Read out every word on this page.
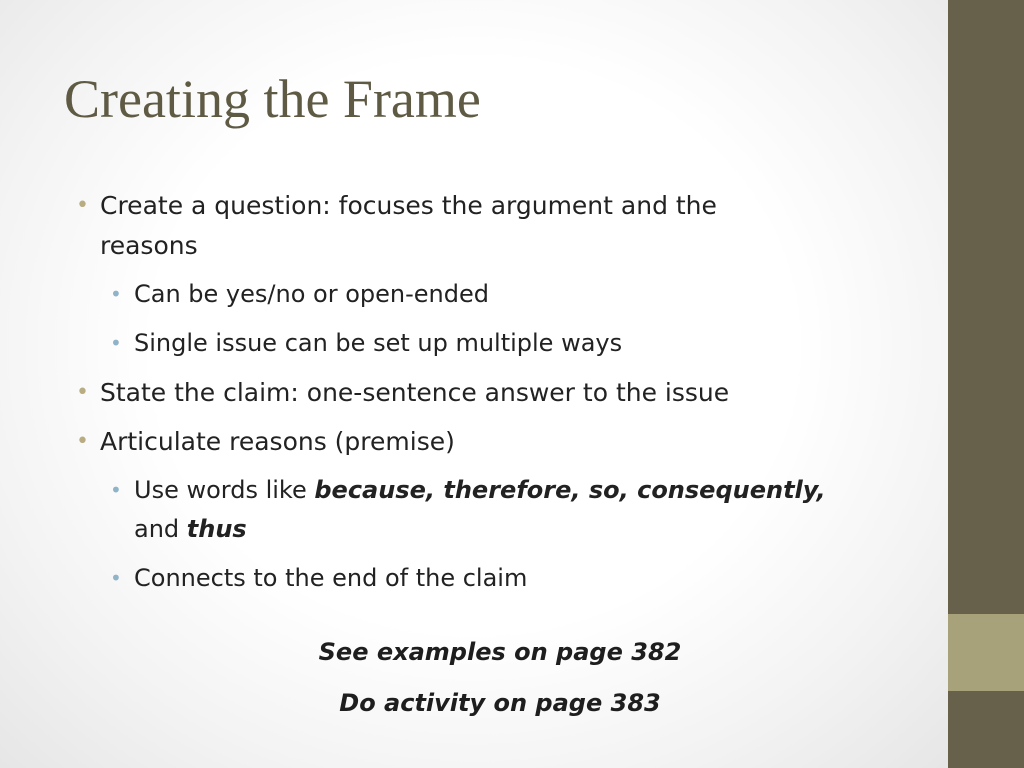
Creating the Frame
• Create a question: focuses the argument and the
reasons
• Can be yes/no or open-ended
• Single issue can be set up multiple ways
• State the claim: one-sentence answer to the issue
• Articulate reasons (premise)
• Use words like because, therefore, so, consequently,
and thus
• Connects to the end of the claim

See examples on page 382

Do activity on page 383
